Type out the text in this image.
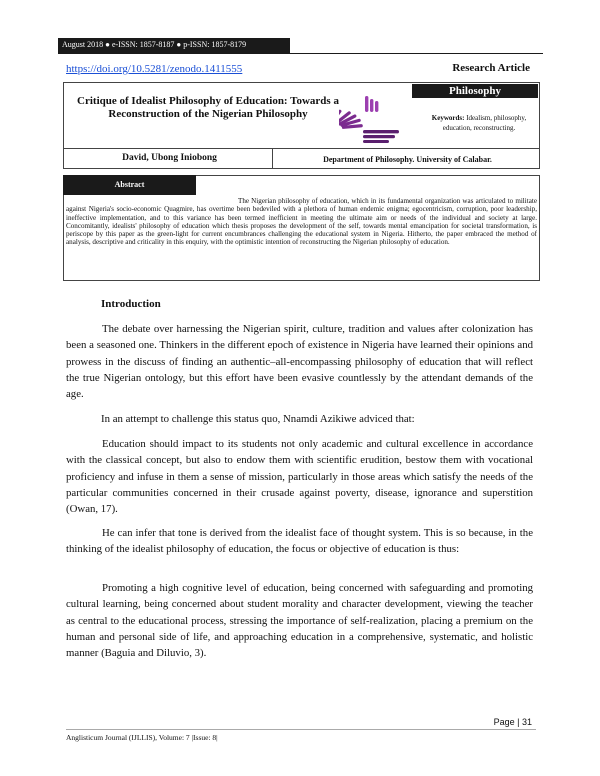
August 2018 ● e-ISSN: 1857-8187 ● p-ISSN: 1857-8179
https://doi.org/10.5281/zenodo.1411555	Research Article
Critique of Idealist Philosophy of Education: Towards a Reconstruction of the Nigerian Philosophy
Philosophy
Keywords: Idealism, philosophy, education, reconstructing.
David, Ubong Iniobong	Department of Philosophy. University of Calabar.
Abstract
The Nigerian philosophy of education, which in its fundamental organization was articulated to militate against Nigeria's socio-economic Quagmire, has overtime been bedeviled with a plethora of human endemic enigma; egocentricism, corruption, poor leadership, ineffective implementation, and to this variance has been termed inefficient in meeting the ultimate aim or needs of the individual and society at large. Concomitantly, idealists' philosophy of education which thesis proposes the development of the self, towards mental emancipation for societal transformation, is periscope by this paper as the green-light for current encumbrances challenging the educational system in Nigeria. Hitherto, the paper embraced the method of analysis, descriptive and criticality in this enquiry, with the optimistic intention of reconstructing the Nigerian philosophy of education.
Introduction
The debate over harnessing the Nigerian spirit, culture, tradition and values after colonization has been a seasoned one. Thinkers in the different epoch of existence in Nigeria have learned their opinions and prowess in the discuss of finding an authentic–all-encompassing philosophy of education that will reflect the true Nigerian ontology, but this effort have been evasive countlessly by the attendant demands of the age.
In an attempt to challenge this status quo, Nnamdi Azikiwe adviced that:
Education should impact to its students not only academic and cultural excellence in accordance with the classical concept, but also to endow them with scientific erudition, bestow them with vocational proficiency and infuse in them a sense of mission, particularly in those areas which satisfy the needs of the particular communities concerned in their crusade against poverty, disease, ignorance and superstition (Owan, 17).
He can infer that tone is derived from the idealist face of thought system. This is so because, in the thinking of the idealist philosophy of education, the focus or objective of education is thus:
Promoting a high cognitive level of education, being concerned with safeguarding and promoting cultural learning, being concerned about student morality and character development, viewing the teacher as central to the educational process, stressing the importance of self-realization, placing a premium on the human and personal side of life, and approaching education in a comprehensive, systematic, and holistic manner (Baguia and Diluvio, 3).
Page | 31
Anglisticum Journal (IJLLIS), Volume: 7 |Issue: 8|
